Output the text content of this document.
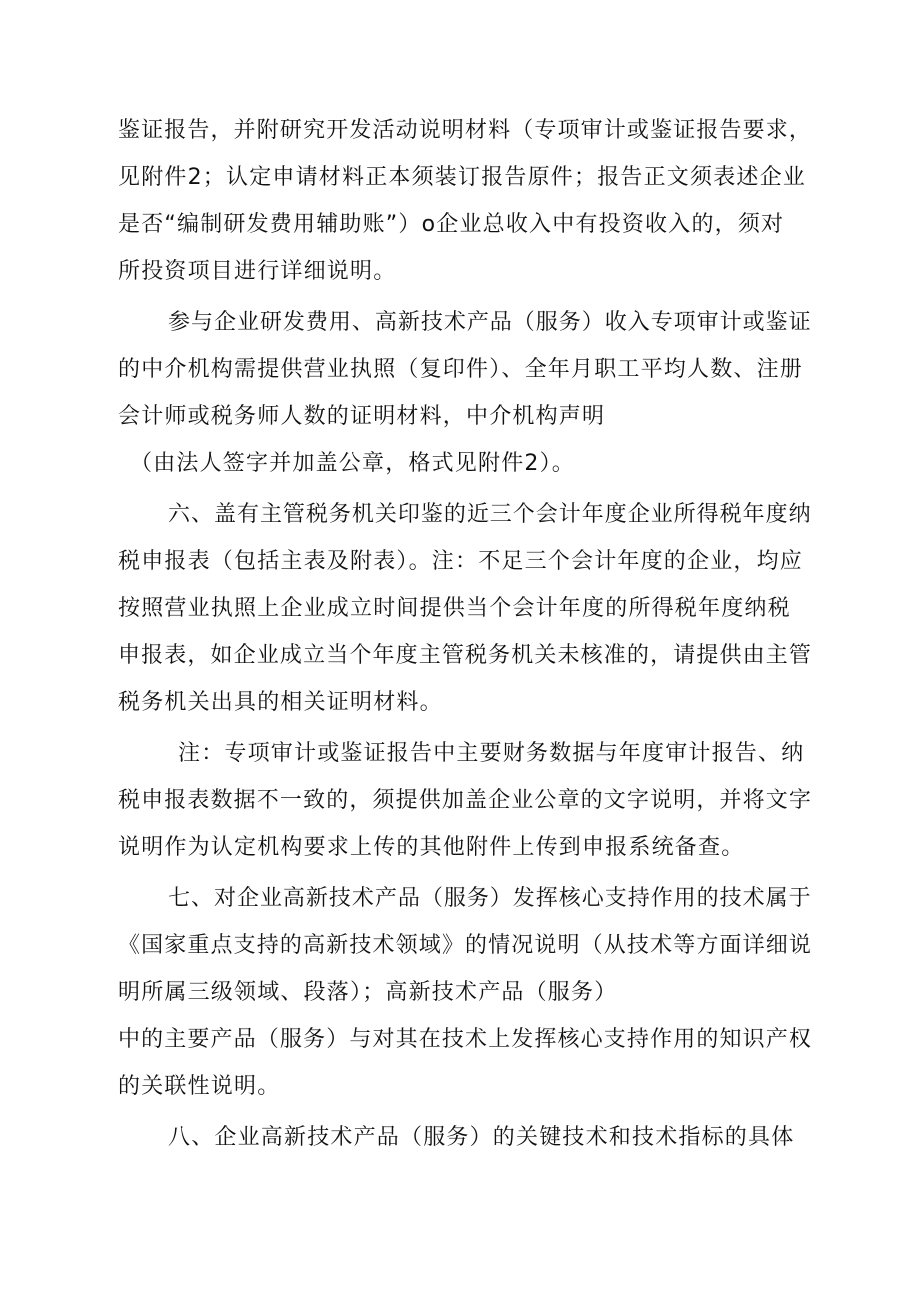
鉴证报告，并附研究开发活动说明材料（专项审计或鉴证报告要求，
见附件2；认定申请材料正本须装订报告原件；报告正文须表述企业
是否“编制研发费用辅助账”）o企业总收入中有投资收入的，须对
所投资项目进行详细说明。
参与企业研发费用、高新技术产品（服务）收入专项审计或鉴证
的中介机构需提供营业执照（复印件）、全年月职工平均人数、注册
会计师或税务师人数的证明材料，中介机构声明
（由法人签字并加盖公章，格式见附件2）。
六、盖有主管税务机关印鉴的近三个会计年度企业所得税年度纳
税申报表（包括主表及附表）。注：不足三个会计年度的企业，均应
按照营业执照上企业成立时间提供当个会计年度的所得税年度纳税
申报表，如企业成立当个年度主管税务机关未核准的，请提供由主管
税务机关出具的相关证明材料。
注：专项审计或鉴证报告中主要财务数据与年度审计报告、纳
税申报表数据不一致的，须提供加盖企业公章的文字说明，并将文字
说明作为认定机构要求上传的其他附件上传到申报系统备查。
七、对企业高新技术产品（服务）发挥核心支持作用的技术属于
《国家重点支持的高新技术领域》的情况说明（从技术等方面详细说
明所属三级领域、段落）；高新技术产品（服务）
中的主要产品（服务）与对其在技术上发挥核心支持作用的知识产权
的关联性说明。
八、企业高新技术产品（服务）的关键技术和技术指标的具体
